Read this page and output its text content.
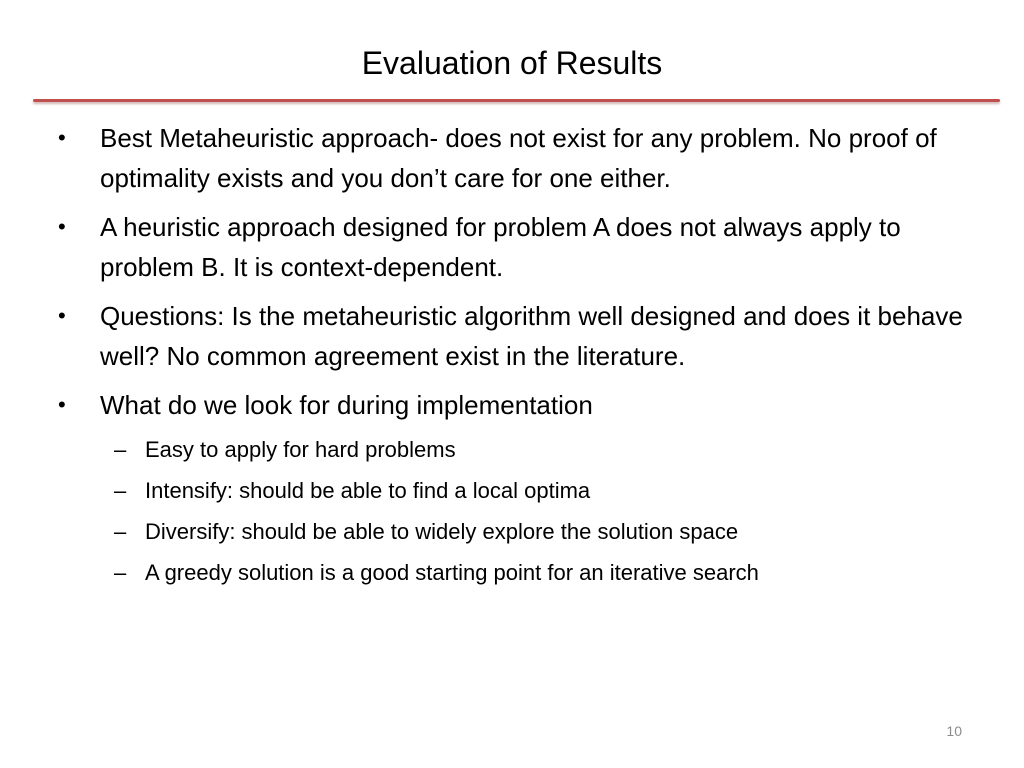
Evaluation of Results
• Best Metaheuristic approach- does not exist for any problem. No proof of optimality exists and you don’t care for one either.
• A heuristic approach designed for problem A does not always apply to problem B. It is context-dependent.
• Questions: Is the metaheuristic algorithm well designed and does it behave well? No common agreement exist in the literature.
• What do we look for during implementation
– Easy to apply for hard problems
– Intensify: should be able to find a local optima
– Diversify: should be able to widely explore the solution space
– A greedy solution is a good starting point for an iterative search
10
